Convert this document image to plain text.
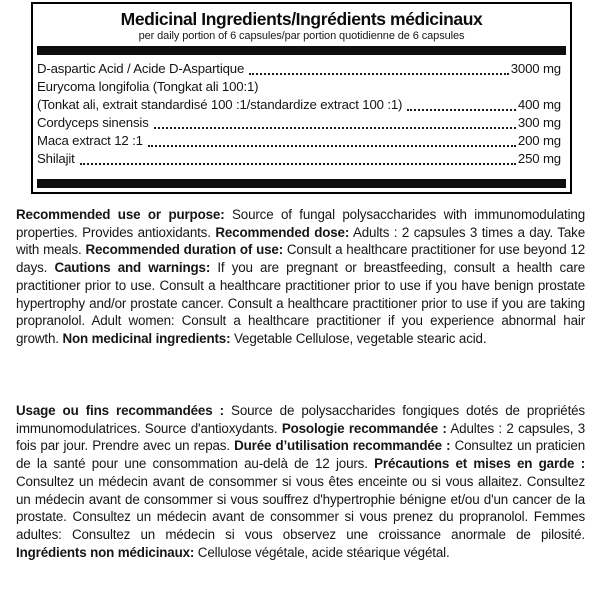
Medicinal Ingredients/Ingrédients médicinaux
per daily portion of 6 capsules/par portion quotidienne de 6 capsules
D-aspartic Acid / Acide D-Aspartique	3000 mg
Eurycoma longifolia (Tongkat ali 100:1)
(Tonkat ali, extrait standardisé 100 :1/standardize extract 100 :1)	400 mg
Cordyceps sinensis	300 mg
Maca extract 12 :1	200 mg
Shilajit	250 mg

Recommended use or purpose: Source of fungal polysaccharides with immunomodulating properties. Provides antioxidants. Recommended dose: Adults : 2 capsules 3 times a day. Take with meals. Recommended duration of use: Consult a healthcare practitioner for use beyond 12 days. Cautions and warnings: If you are pregnant or breastfeeding, consult a health care practitioner prior to use. Consult a healthcare practitioner prior to use if you have benign prostate hypertrophy and/or prostate cancer. Consult a healthcare practitioner prior to use if you are taking propranolol. Adult women: Consult a healthcare practitioner if you experience abnormal hair growth. Non medicinal ingredients: Vegetable Cellulose, vegetable stearic acid.

Usage ou fins recommandées : Source de polysaccharides fongiques dotés de propriétés immunomodulatrices. Source d'antioxydants. Posologie recommandée : Adultes : 2 capsules, 3 fois par jour. Prendre avec un repas. Durée d’utilisation recommandée : Consultez un praticien de la santé pour une consommation au-delà de 12 jours. Précautions et mises en garde : Consultez un médecin avant de consommer si vous êtes enceinte ou si vous allaitez. Consultez un médecin avant de consommer si vous souffrez d'hypertrophie bénigne et/ou d'un cancer de la prostate. Consultez un médecin avant de consommer si vous prenez du propranolol. Femmes adultes: Consultez un médecin si vous observez une croissance anormale de pilosité. Ingrédients non médicinaux: Cellulose végétale, acide stéarique végétal.
